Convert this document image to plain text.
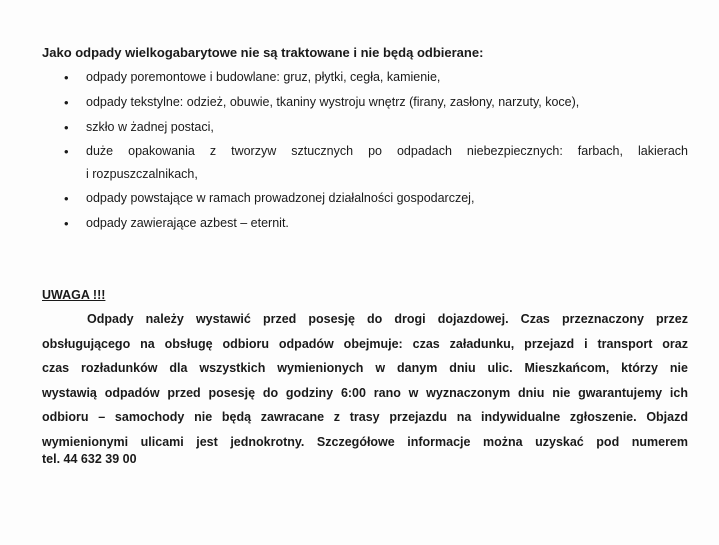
Jako odpady wielkogabarytowe nie są traktowane i nie będą odbierane:
• odpady poremontowe i budowlane: gruz, płytki, cegła, kamienie,
• odpady tekstylne: odzież, obuwie, tkaniny wystroju wnętrz (firany, zasłony, narzuty, koce),
• szkło w żadnej postaci,
• duże opakowania z tworzyw sztucznych po odpadach niebezpiecznych: farbach, lakierach
i rozpuszczalnikach,
• odpady powstające w ramach prowadzonej działalności gospodarczej,
• odpady zawierające azbest – eternit.
UWAGA !!!
Odpady należy wystawić przed posesję do drogi dojazdowej. Czas przeznaczony przez
obsługującego na obsługę odbioru odpadów obejmuje: czas załadunku, przejazd i transport oraz
czas rozładunków dla wszystkich wymienionych w danym dniu ulic. Mieszkańcom, którzy nie
wystawią odpadów przed posesję do godziny 6:00 rano w wyznaczonym dniu nie gwarantujemy ich
odbioru – samochody nie będą zawracane z trasy przejazdu na indywidualne zgłoszenie. Objazd
wymienionymi ulicami jest jednokrotny. Szczegółowe informacje można uzyskać pod numerem
tel. 44 632 39 00
